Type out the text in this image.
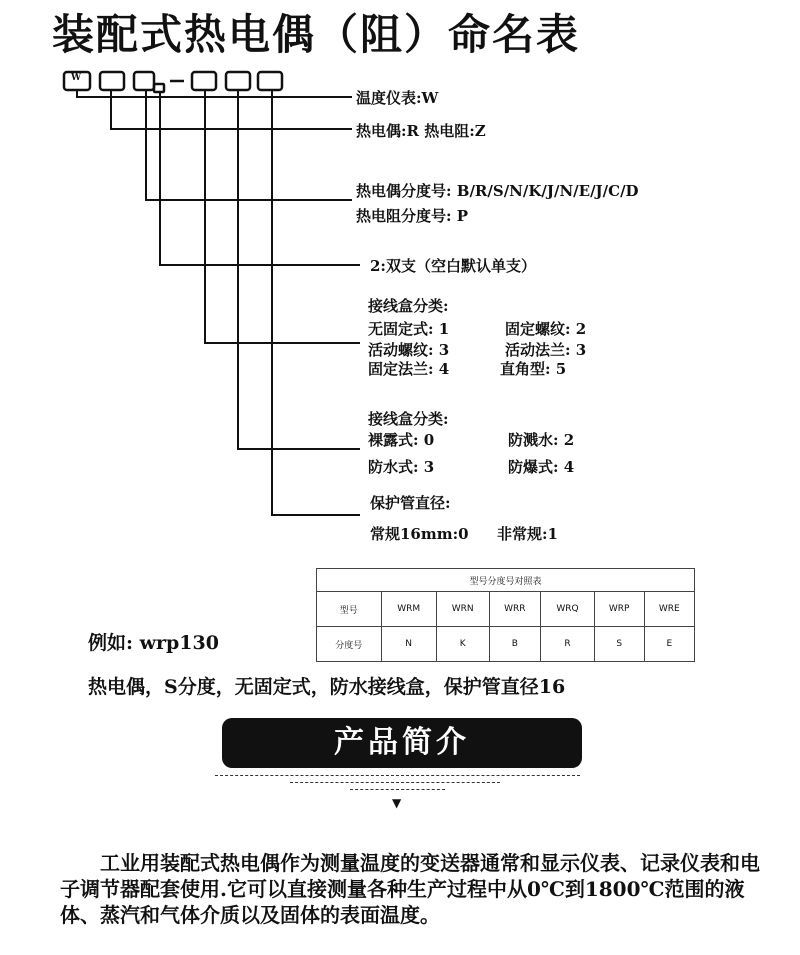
装配式热电偶（阻）命名表
W
温度仪表:W
热电偶:R 热电阻:Z
热电偶分度号: B/R/S/N/K/J/N/E/J/C/D
热电阻分度号: P
2:双支（空白默认单支）
接线盒分类:
无固定式: 1	固定螺纹: 2
活动螺纹: 3	活动法兰: 3
固定法兰: 4	直角型: 5
接线盒分类:
裸露式: 0	防溅水: 2
防水式: 3	防爆式: 4
保护管直径:
常规16mm:0 非常规:1
型号分度号对照表						
型号	WRM	WRN	WRR	WRQ	WRP	WRE
分度号	N	K	B	R	S	E
例如: wrp130
热电偶，S分度，无固定式，防水接线盒，保护管直径16
产品简介
▼

工业用装配式热电偶作为测量温度的变送器通常和显示仪表、记录仪表和电子调节器配套使用.它可以直接测量各种生产过程中从0℃到1800℃范围的液体、蒸汽和气体介质以及固体的表面温度。
